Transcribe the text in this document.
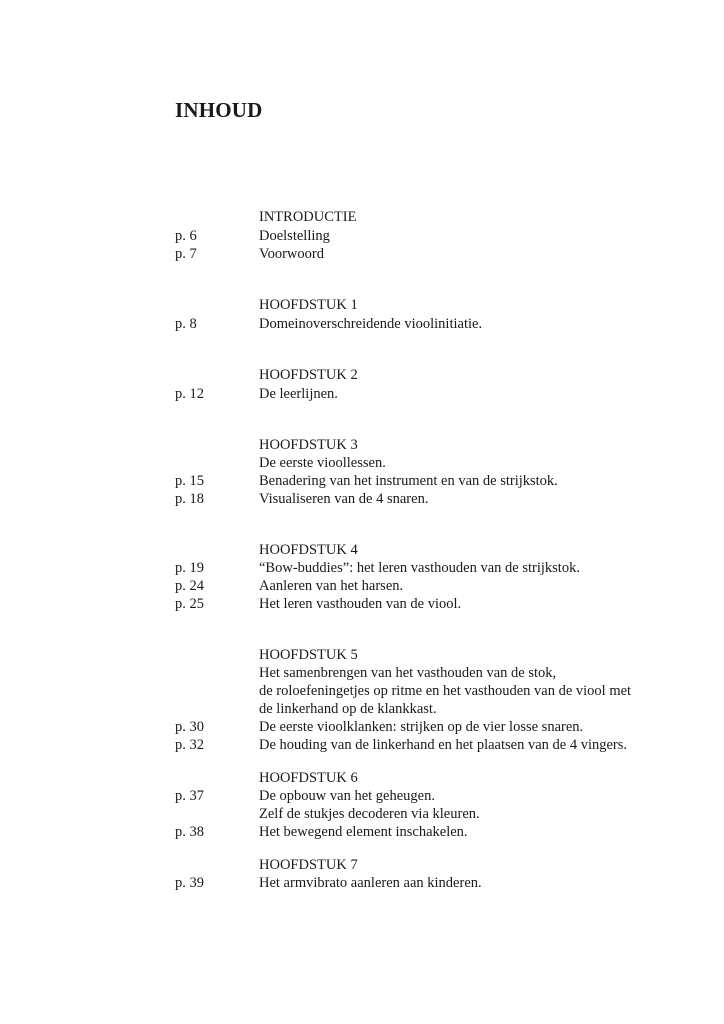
INHOUD
INTRODUCTIE
p. 6	Doelstelling
p. 7	Voorwoord
HOOFDSTUK 1
p. 8	Domeinoverschreidende vioolinitiatie.
HOOFDSTUK 2
p. 12	De leerlijnen.
HOOFDSTUK 3
De eerste vioollessen.
p. 15	Benadering van het instrument en van de strijkstok.
p. 18	Visualiseren van de 4 snaren.
HOOFDSTUK 4
p. 19	“Bow-buddies”: het leren vasthouden van de strijkstok.
p. 24	Aanleren van het harsen.
p. 25	Het leren vasthouden van de viool.
HOOFDSTUK 5
Het samenbrengen van het vasthouden van de stok,
de roloefeningetjes op ritme en het vasthouden van de viool met
de linkerhand op de klankkast.
p. 30	De eerste vioolklanken: strijken op de vier losse snaren.
p. 32	De houding van de linkerhand en het plaatsen van de 4 vingers.
HOOFDSTUK 6
p. 37	De opbouw van het geheugen.
Zelf de stukjes decoderen via kleuren.
p. 38	Het bewegend element inschakelen.
HOOFDSTUK 7
p. 39	Het armvibrato aanleren aan kinderen.
